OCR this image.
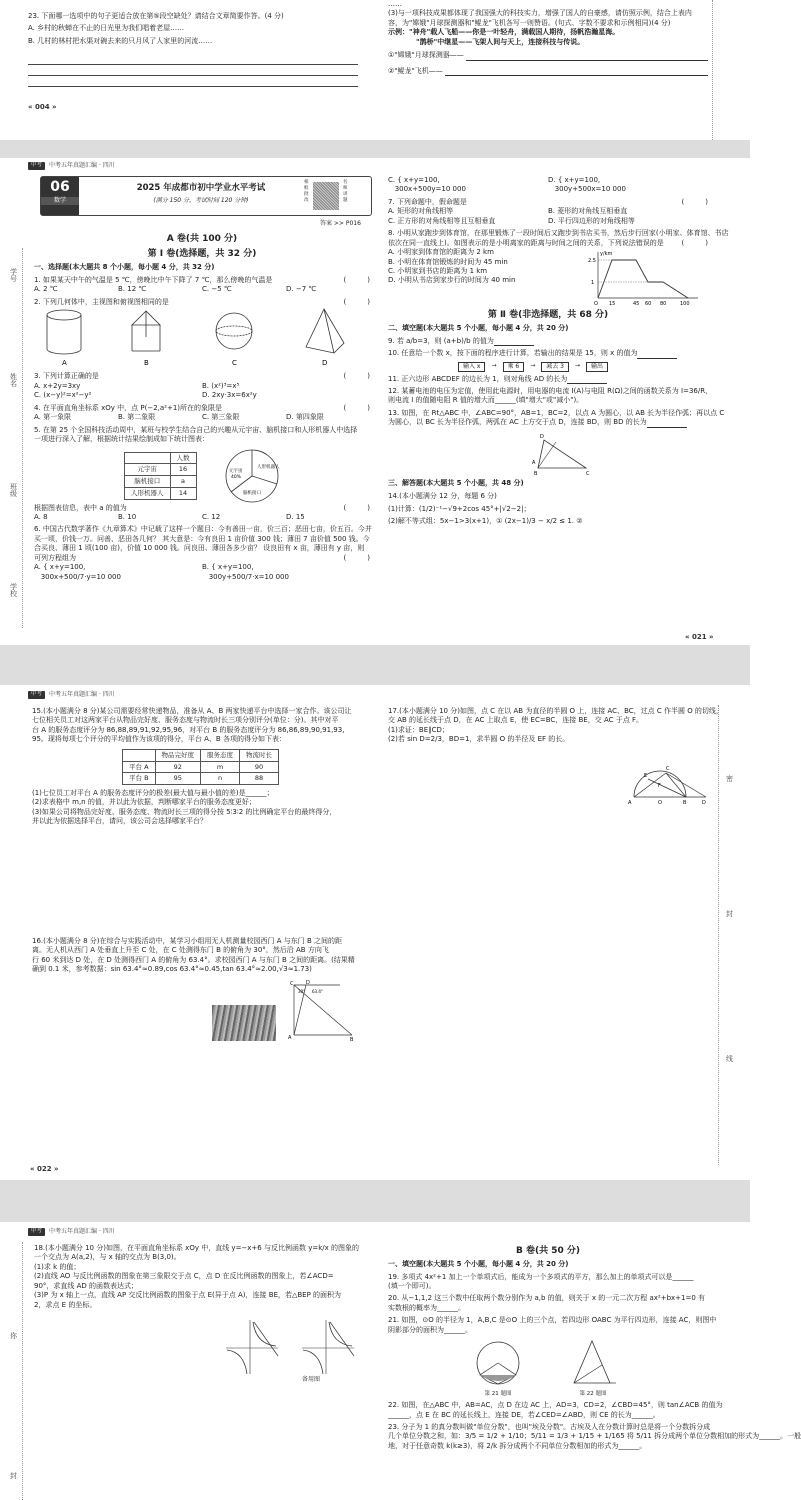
23. 下面哪一选项中的句子更适合放在第⑤段空缺处？请结合文章简要作答。(4 分)
A. 乡村的秋蝉在不止的日光里为我们唱着老屋……
B. 几村的林村把水渠对碗去来的只月风了人家里的河流……
« 004 »
……
(3)与一项科技成果都体现了我国强大的科技实力，增强了国人的自豪感，请仿照示例，结合上表内
容，为"嫦娥"月球探测器和"鲲龙"飞机各写一则赞语。(句式、字数不要求和示例相同)(4 分)
示例："神舟"载人飞船——你是一叶轻舟，满载国人期待，扬帆浩瀚星海。
"鹊桥"中继星——飞架人间与天上，连接科技与传说。
①"嫦娥"月球探测器——
②"鲲龙"飞机——
中考	中考五年真题汇编 · 四川
学号
姓名
班级
学校
06
数学
2025 年成都市初中学业水平考试
(满分 150 分，考试时间 120 分钟)
相
框
批
改
名
师
讲
题
答案 >> P016
A 卷(共 100 分)
第 Ⅰ 卷(选择题，共 32 分)
一、选择题(本大题共 8 个小题，每小题 4 分，共 32 分)
1. 如果某天中午的气温是 5 ℃，傍晚比中午下降了 7 ℃，那么傍晚的气温是	(　　　)
A. 2 ℃	B. 12 ℃	C. −5 ℃	D. −7 ℃
2. 下列几何体中，主视图和俯视图相同的是	(　　　)
A	B	C	D
3. 下列计算正确的是	(　　　)
A. x+2y=3xy	B. (x²)³=x⁵
C. (x−y)²=x²−y²	D. 2xy·3x=6x²y
4. 在平面直角坐标系 xOy 中，点 P(−2,a²+1)所在的象限是	(　　　)
A. 第一象限	B. 第二象限	C. 第三象限	D. 第四象限
5. 在第 25 个全国科技活动周中，某班与校学生结合自己的兴趣从元宇宙、脑机接口和人形机器人中选择
一项进行深入了解，根据统计结果绘制成如下统计图表：
	人数
元宇宙	16
脑机接口	a
人形机器人	14
元宇宙
40%
人形机器人
脑机接口
根据图表信息，表中 a 的值为	(　　　)
A. 8	B. 10	C. 12	D. 15
6. 中国古代数学著作《九章算术》中记载了这样一个题目：今有善田一亩，价三百；恶田七亩，价五百。今并
买一顷，价钱一万。问善、恶田各几何？ 其大意是：今有良田 1 亩价值 300 钱；薄田 7 亩价值 500 钱。今
合买良、薄田 1 顷(100 亩)，价值 10 000 钱。问良田、薄田各多少亩？ 设良田有 x 亩，薄田有 y 亩，则
可列方程组为	(　　　)
A. { x+y=100,
300x+500/7·y=10 000
B. { x+y=100,
300y+500/7·x=10 000
C. { x+y=100,
300x+500y=10 000
D. { x+y=100,
300y+500x=10 000
7. 下列命题中，假命题是	(　　　)
A. 矩形的对角线相等	B. 菱形的对角线互相垂直
C. 正方形的对角线相等且互相垂直	D. 平行四边形的对角线相等
8. 小明从家跑步到体育馆，在那里锻炼了一段时间后又跑步到书店买书，然后步行回家(小明家、体育馆、书店
依次在同一直线上)。如图表示的是小明离家的距离与时间之间的关系，下列说法错误的是	(　　　)
A. 小明家到体育馆的距离为 2 km
B. 小明在体育馆锻炼的时间为 45 min
C. 小明家到书店的距离为 1 km
D. 小明从书店到家步行的时间为 40 min
y/km
2.5
1
O 15	45 60 80	100
第 Ⅱ 卷(非选择题，共 68 分)
二、填空题(本大题共 5 个小题，每小题 4 分，共 20 分)
9. 若 a/b=3，则 (a+b)/b 的值为
10. 任意给一个数 x，按下面的程序进行计算，若输出的结果是 15，则 x 的值为
输入 x	→	乘 6	→	减去 3	→	输出
11. 正六边形 ABCDEF 的边长为 1，则对角线 AD 的长为
12. 某蓄电池的电压为定值，使用此电源时，用电器的电流 I(A)与电阻 R(Ω)之间的函数关系为 I=36/R，
则电流 I 的值随电阻 R 值的增大而______(填"增大"或"减小")。
13. 如图，在 Rt△ABC 中，∠ABC=90°，AB=1，BC=2，以点 A 为圆心，以 AB 长为半径作弧；再以点 C
为圆心，以 BC 长为半径作弧，两弧在 AC 上方交于点 D，连接 BD，则 BD 的长为
D
A
B	C
三、解答题(本大题共 5 个小题，共 48 分)
14.(本小题满分 12 分，每题 6 分)
(1)计算：(1/2)⁻¹−√9+2cos 45°+|√2−2|；
(2)解不等式组：5x−1>3(x+1)，① (2x−1)/3 − x/2 ≤ 1. ②
« 021 »
中考	中考五年真题汇编 · 四川
15.(本小题满分 8 分)某公司需要经常快递物品，准备从 A、B 两家快递平台中选择一家合作。该公司让
七位相关员工对这两家平台从物品完好度、服务态度与物流时长三项分别评分(单位：分)。其中对平
台 A 的服务态度评分为 86,88,89,91,92,95,96，对平台 B 的服务态度评分为 86,86,89,90,91,93,
95。现将每项七个评分的平均值作为该项的得分，平台 A、B 各项的得分如下表：
	物品完好度	服务态度	物流时长
平台 A	92	m	90
平台 B	95	n	88
(1)七位员工对平台 A 的服务态度评分的极差(最大值与最小值的差)是______；
(2)求表格中 m,n 的值，并以此为依据，判断哪家平台的服务态度更好；
(3)如果公司将物品完好度、服务态度、物流时长三项的得分按 5∶3∶2 的比例确定平台的最终得分，
并以此为依据选择平台，请问，该公司会选择哪家平台？
16.(本小题满分 8 分)在综合与实践活动中，某学习小组用无人机测量校园西门 A 与东门 B 之间的距
离。无人机从西门 A 处垂直上升至 C 处，在 C 处测得东门 B 的俯角为 30°，然后沿 AB 方向飞
行 60 米到达 D 处，在 D 处测得西门 A 的俯角为 63.4°。求校园西门 A 与东门 B 之间的距离。(结果精
确到 0.1 米，参考数据：sin 63.4°≈0.89,cos 63.4°≈0.45,tan 63.4°≈2.00,√3≈1.73)
C	D
A	B
30° 63.4°
17.(本小题满分 10 分)如图，点 C 在以 AB 为直径的半圆 O 上，连接 AC、BC，过点 C 作半圆 O 的切线，
交 AB 的延长线于点 D，在 AC 上取点 E，使 EC=BC，连接 BE，交 AC 于点 F。
(1)求证：BE∥CD；
(2)若 sin D=2/3，BD=1，求半圆 O 的半径及 EF 的长。
A	O	B	D
C
E
F
密
封
线
« 022 »
中考	中考五年真题汇编 · 四川
你
封
18.(本小题满分 10 分)如图，在平面直角坐标系 xOy 中，直线 y=−x+6 与反比例函数 y=k/x 的图象的
一个交点为 A(a,2)，与 x 轴的交点为 B(3,0)。
(1)求 k 的值；
(2)直线 AO 与反比例函数的图象在第三象限交于点 C，点 D 在反比例函数的图象上，若∠ACD=
90°，求直线 AD 的函数表达式；
(3)P 为 x 轴上一点，直线 AP 交反比例函数的图象于点 E(异于点 A)，连接 BE，若△BEP 的面积为
2，求点 E 的坐标。
备用图
B 卷(共 50 分)
一、填空题(本大题共 5 个小题，每小题 4 分，共 20 分)
19. 多项式 4x²+1 加上一个单项式后，能成为一个多项式的平方，那么加上的单项式可以是______
(填一个即可)。
20. 从−1,1,2 这三个数中任取两个数分别作为 a,b 的值，则关于 x 的一元二次方程 ax²+bx+1=0 有
实数根的概率为______。
21. 如图，⊙O 的半径为 1，A,B,C 是⊙O 上的三个点，若四边形 OABC 为平行四边形，连接 AC，则图中
阴影部分的面积为______。
第 21 题图	第 22 题图
22. 如图，在△ABC 中，AB=AC，点 D 在边 AC 上，AD=3，CD=2，∠CBD=45°，则 tan∠ACB 的值为
______，点 E 在 BC 的延长线上，连接 DE，若∠CED=∠ABD，则 CE 的长为______。
23. 分子为 1 的真分数叫做"单位分数"，也叫"埃及分数"。古埃及人在分数计算时总是将一个分数拆分成
几个单位分数之和，如：3/5 = 1/2 + 1/10；5/11 = 1/3 + 1/15 + 1/165 将 5/11 拆分成两个单位分数相加的形式为______。一般
地，对于任意奇数 k(k≥3)，将 2/k 拆分成两个不同单位分数相加的形式为______。
